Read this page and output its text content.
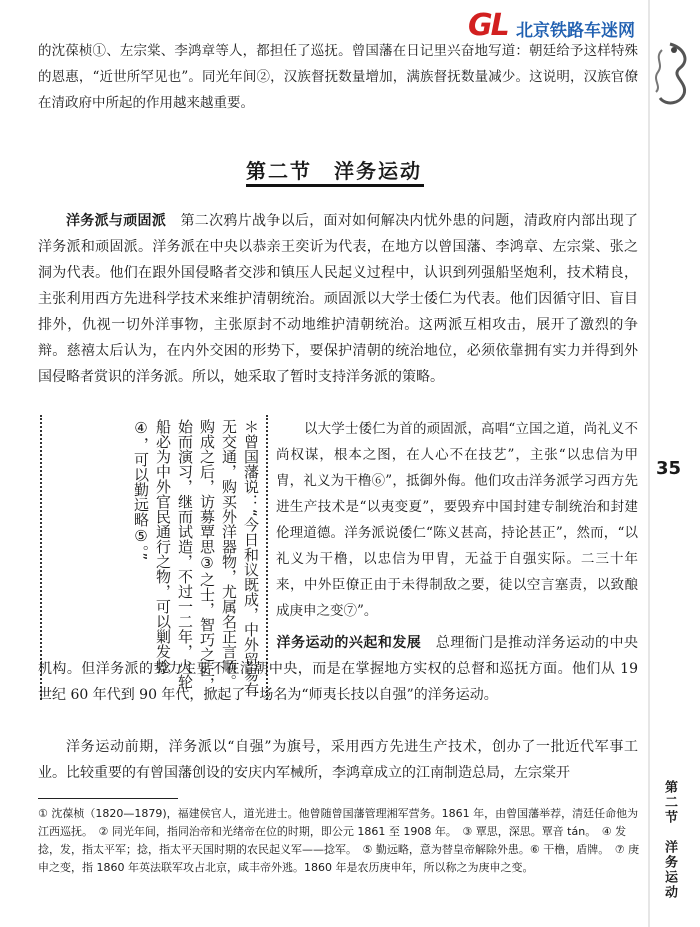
GL 北京铁路车迷网
的沈葆桢①、左宗棠、李鸿章等人，都担任了巡抚。曾国藩在日记里兴奋地写道：朝廷给予这样特殊的恩惠，“近世所罕见也”。同光年间②，汉族督抚数量增加，满族督抚数量减少。这说明，汉族官僚在清政府中所起的作用越来越重要。
第二节　洋务运动
洋务派与顽固派　 第二次鸦片战争以后，面对如何解决内忧外患的问题，清政府内部出现了洋务派和顽固派。洋务派在中央以恭亲王奕䜣为代表，在地方以曾国藩、李鸿章、左宗棠、张之洞为代表。他们在跟外国侵略者交涉和镇压人民起义过程中，认识到列强船坚炮利，技术精良，主张利用西方先进科学技术来维护清朝统治。顽固派以大学士倭仁为代表。他们因循守旧、盲目排外，仇视一切外洋事物，主张原封不动地维护清朝统治。这两派互相攻击，展开了激烈的争辩。慈禧太后认为，在内外交困的形势下，要保护清朝的统治地位，必须依靠拥有实力并得到外国侵略者赏识的洋务派。所以，她采取了暂时支持洋务派的策略。
＊曾国藩说：“今日和议既成，中外贸易有无交通，购买外洋器物，尤属名正言顺。购成之后，访募覃思③之士，智巧之匠，始而演习，继而试造，不过一二年，火轮船必为中外官民通行之物，可以剿发捻④，可以勤远略⑤。”	以大学士倭仁为首的顽固派，高唱“立国之道，尚礼义不尚权谋，根本之图，在人心不在技艺”，主张“以忠信为甲胄，礼义为干橹⑥”，抵御外侮。他们攻击洋务派学习西方先进生产技术是“以夷变夏”，要毁弃中国封建专制统治和封建伦理道德。洋务派说倭仁“陈义甚高，持论甚正”，然而，“以礼义为干橹，以忠信为甲胄，无益于自强实际。二三十年来，中外臣僚正由于未得制敌之要，徒以空言塞责，以致酿成庚申之变⑦”。
洋务运动的兴起和发展　 总理衙门是推动洋务运动的中央机构。但洋务派的势力主要不在清朝中央，而是在掌握地方实权的总督和巡抚方面。他们从 19 世纪 60 年代到 90 年代，掀起了一场名为“师夷长技以自强”的洋务运动。
洋务运动前期，洋务派以“自强”为旗号，采用西方先进生产技术，创办了一批近代军事工业。比较重要的有曾国藩创设的安庆内军械所，李鸿章成立的江南制造总局，左宗棠开
35
第二节　洋务运动
① 沈葆桢（1820—1879)，福建侯官人，道光进士。他曾随曾国藩管理湘军营务。1861 年，由曾国藩举荐，清廷任命他为江西巡抚。　② 同光年间，指同治帝和光绪帝在位的时期，即公元 1861 至 1908 年。　③ 覃思，深思。覃音 tán。　④ 发捻，发，指太平军；捻，指太平天国时期的农民起义军——捻军。　⑤ 勤远略，意为替皇帝解除外患。⑥ 干橹，盾牌。　⑦ 庚申之变，指 1860 年英法联军攻占北京，咸丰帝外逃。1860 年是农历庚申年，所以称之为庚申之变。
